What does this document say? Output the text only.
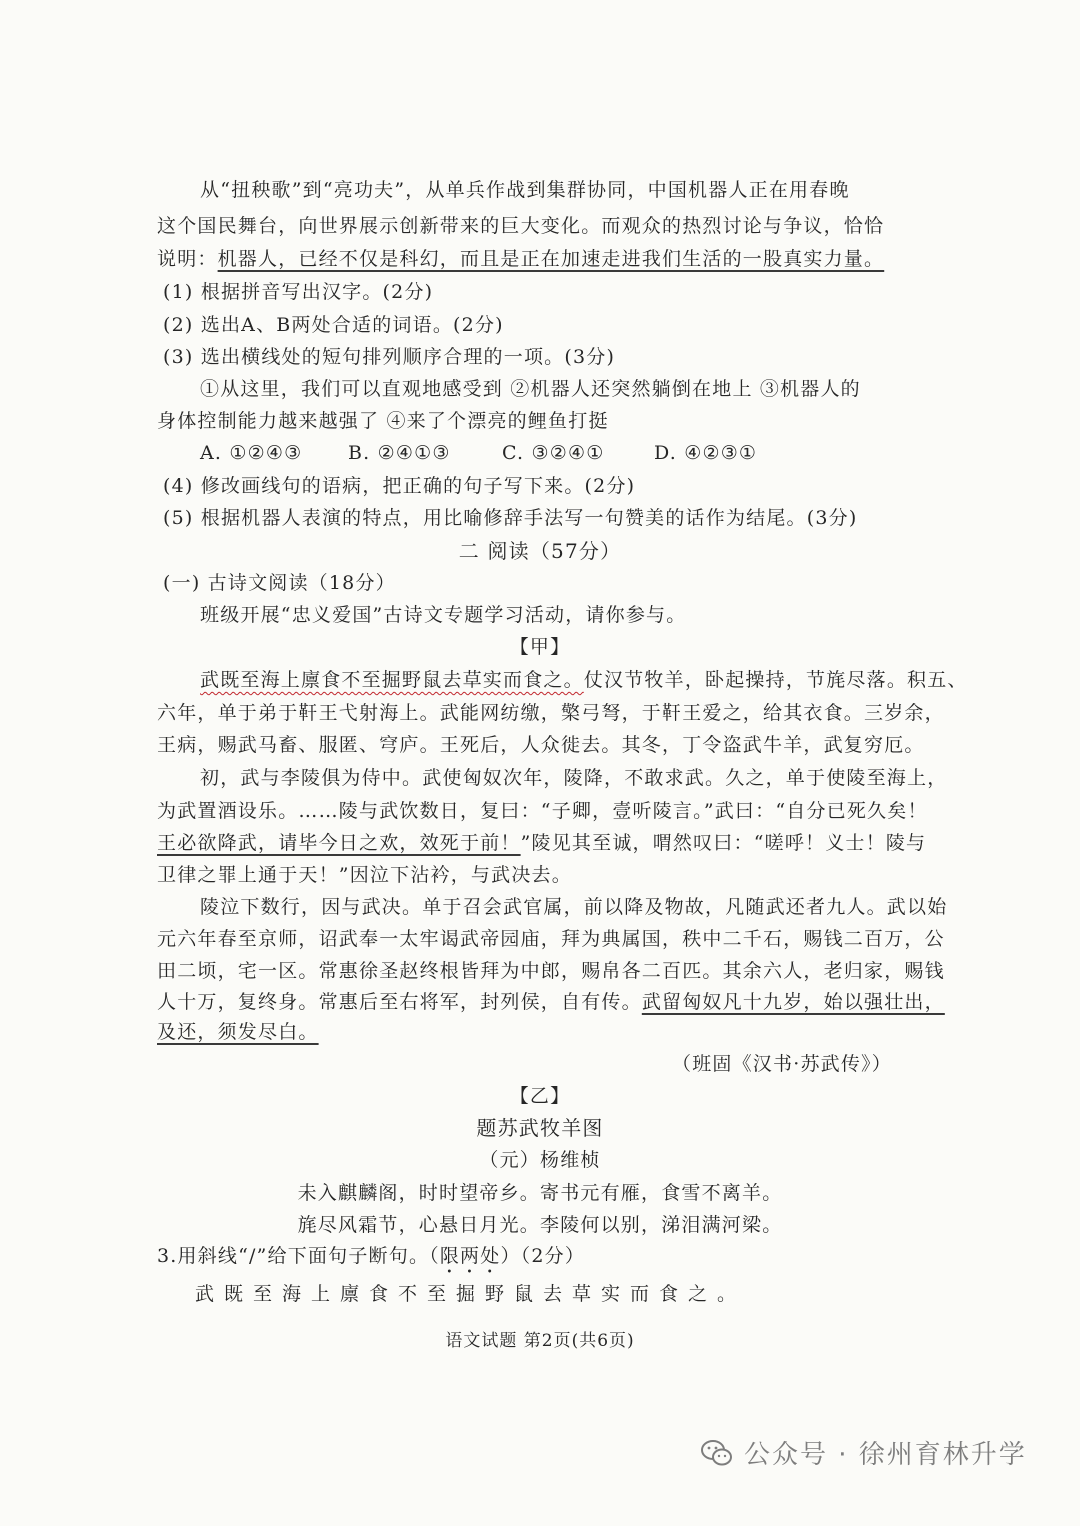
从“扭秧歌”到“亮功夫”，从单兵作战到集群协同，中国机器人正在用春晚
这个国民舞台，向世界展示创新带来的巨大变化。而观众的热烈讨论与争议，恰恰
说明：机器人，已经不仅是科幻，而且是正在加速走进我们生活的一股真实力量。
(1) 根据拼音写出汉字。(2分)
(2) 选出A、B两处合适的词语。(2分)
(3) 选出横线处的短句排列顺序合理的一项。(3分)
①从这里，我们可以直观地感受到 ②机器人还突然躺倒在地上 ③机器人的
身体控制能力越来越强了 ④来了个漂亮的鲤鱼打挺
A. ①②④③ B. ②④①③	C. ③②④①	D. ④②③①
(4) 修改画线句的语病，把正确的句子写下来。(2分)
(5) 根据机器人表演的特点，用比喻修辞手法写一句赞美的话作为结尾。(3分)
二 阅读（57分）
(一) 古诗文阅读（18分）
班级开展“忠义爱国”古诗文专题学习活动，请你参与。
【甲】
武既至海上廪食不至掘野鼠去草实而食之。仗汉节牧羊，卧起操持，节旄尽落。积五、
六年，单于弟于靬王弋射海上。武能网纺缴，檠弓弩，于靬王爱之，给其衣食。三岁余，
王病，赐武马畜、服匿、穹庐。王死后，人众徙去。其冬，丁令盗武牛羊，武复穷厄。
初，武与李陵俱为侍中。武使匈奴次年，陵降，不敢求武。久之，单于使陵至海上，
为武置酒设乐。……陵与武饮数日，复曰：“子卿，壹听陵言。”武曰：“自分已死久矣！
王必欲降武，请毕今日之欢，效死于前！”陵见其至诚，喟然叹曰：“嗟呼！义士！陵与
卫律之罪上通于天！”因泣下沾衿，与武决去。
陵泣下数行，因与武决。单于召会武官属，前以降及物故，凡随武还者九人。武以始
元六年春至京师，诏武奉一太牢谒武帝园庙，拜为典属国，秩中二千石，赐钱二百万，公
田二顷，宅一区。常惠徐圣赵终根皆拜为中郎，赐帛各二百匹。其余六人，老归家，赐钱
人十万，复终身。常惠后至右将军，封列侯，自有传。武留匈奴凡十九岁，始以强壮出，
及还，须发尽白。
（班固《汉书·苏武传》）
【乙】
题苏武牧羊图
（元）杨维桢
未入麒麟阁，时时望帝乡。寄书元有雁，食雪不离羊。
旄尽风霜节，心悬日月光。李陵何以别，涕泪满河梁。
3.用斜线“/”给下面句子断句。（限两处）（2分）
武既至海上廪食不至掘野鼠去草实而食之。
语文试题 第2页(共6页)
公众号 · 徐州育林升学
